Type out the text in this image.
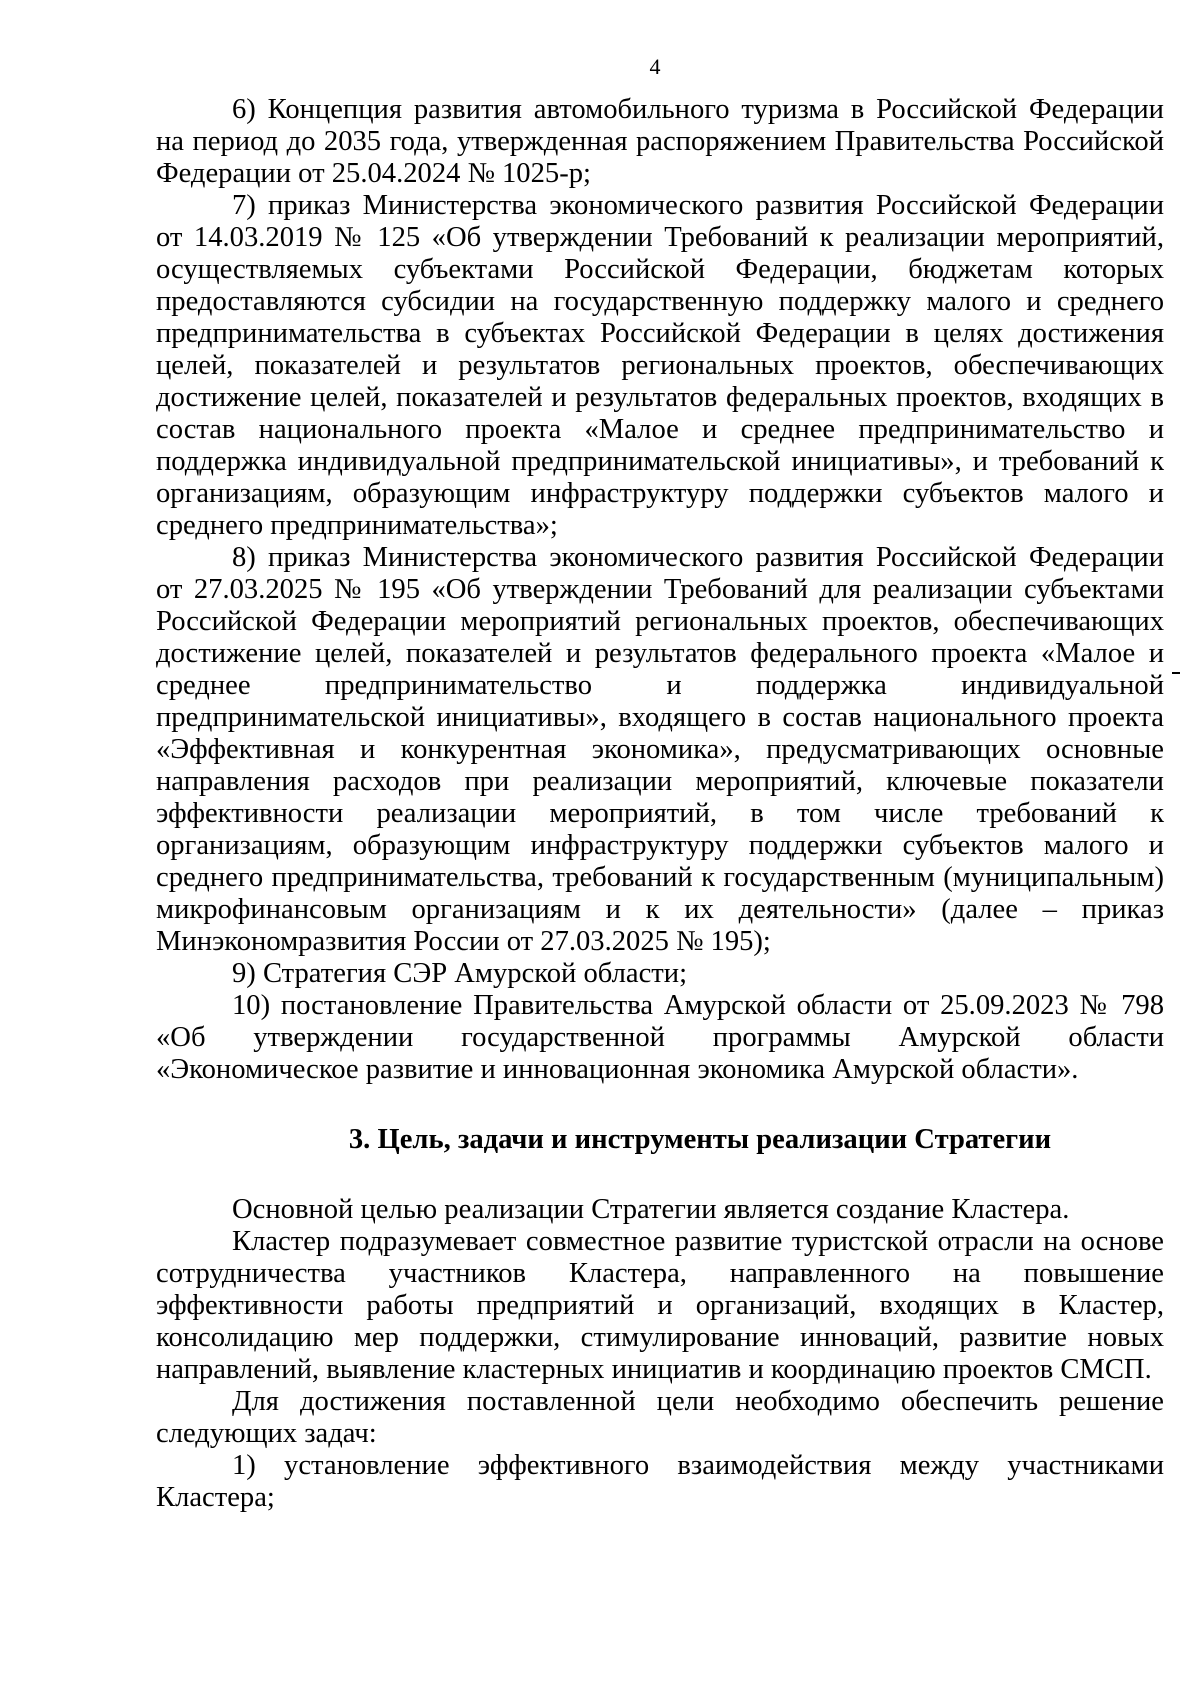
4

6) Концепция развития автомобильного туризма в Российской Федерации на период до 2035 года, утвержденная распоряжением Правительства Российской Федерации от 25.04.2024 № 1025-р;

7) приказ Министерства экономического развития Российской Федерации от 14.03.2019 № 125 «Об утверждении Требований к реализации мероприятий, осуществляемых субъектами Российской Федерации, бюджетам которых предоставляются субсидии на государственную поддержку малого и среднего предпринимательства в субъектах Российской Федерации в целях достижения целей, показателей и результатов региональных проектов, обеспечивающих достижение целей, показателей и результатов федеральных проектов, входящих в состав национального проекта «Малое и среднее предпринимательство и поддержка индивидуальной предпринимательской инициативы», и требований к организациям, образующим инфраструктуру поддержки субъектов малого и среднего предпринимательства»;

8) приказ Министерства экономического развития Российской Федерации от 27.03.2025 № 195 «Об утверждении Требований для реализации субъектами Российской Федерации мероприятий региональных проектов, обеспечивающих достижение целей, показателей и результатов федерального проекта «Малое и среднее предпринимательство и поддержка индивидуальной предпринимательской инициативы», входящего в состав национального проекта «Эффективная и конкурентная экономика», предусматривающих основные направления расходов при реализации мероприятий, ключевые показатели эффективности реализации мероприятий, в том числе требований к организациям, образующим инфраструктуру поддержки субъектов малого и среднего предпринимательства, требований к государственным (муниципальным) микрофинансовым организациям и к их деятельности» (далее – приказ Минэкономразвития России от 27.03.2025 № 195);

9) Стратегия СЭР Амурской области;

10) постановление Правительства Амурской области от 25.09.2023 № 798 «Об утверждении государственной программы Амурской области «Экономическое развитие и инновационная экономика Амурской области».

3. Цель, задачи и инструменты реализации Стратегии

Основной целью реализации Стратегии является создание Кластера.

Кластер подразумевает совместное развитие туристской отрасли на основе сотрудничества участников Кластера, направленного на повышение эффективности работы предприятий и организаций, входящих в Кластер, консолидацию мер поддержки, стимулирование инноваций, развитие новых направлений, выявление кластерных инициатив и координацию проектов СМСП.

Для достижения поставленной цели необходимо обеспечить решение следующих задач:

1) установление эффективного взаимодействия между участниками Кластера;
